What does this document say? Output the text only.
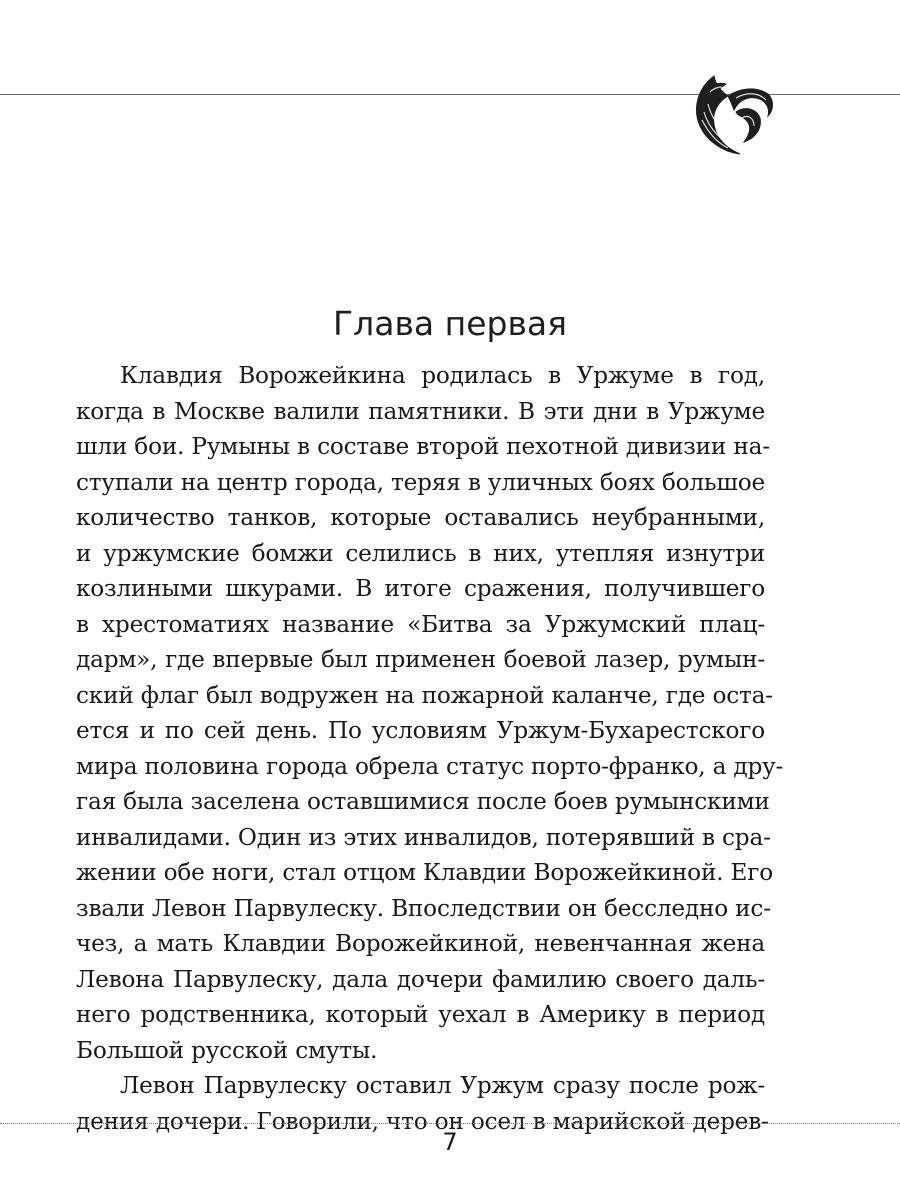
Глава первая
Клавдия Ворожейкина родилась в Уржуме в год,
когда в Москве валили памятники. В эти дни в Уржуме
шли бои. Румыны в составе второй пехотной дивизии на-
ступали на центр города, теряя в уличных боях большое
количество танков, которые оставались неубранными,
и уржумские бомжи селились в них, утепляя изнутри
козлиными шкурами. В итоге сражения, получившего
в хрестоматиях название «Битва за Уржумский плац-
дарм», где впервые был применен боевой лазер, румын-
ский флаг был водружен на пожарной каланче, где оста-
ется и по сей день. По условиям Уржум-Бухарестского
мира половина города обрела статус порто-франко, а дру-
гая была заселена оставшимися после боев румынскими
инвалидами. Один из этих инвалидов, потерявший в сра-
жении обе ноги, стал отцом Клавдии Ворожейкиной. Его
звали Левон Парвулеску. Впоследствии он бесследно ис-
чез, а мать Клавдии Ворожейкиной, невенчанная жена
Левона Парвулеску, дала дочери фамилию своего даль-
него родственника, который уехал в Америку в период
Большой русской смуты.
Левон Парвулеску оставил Уржум сразу после рож-
дения дочери. Говорили, что он осел в марийской дерев-
7
